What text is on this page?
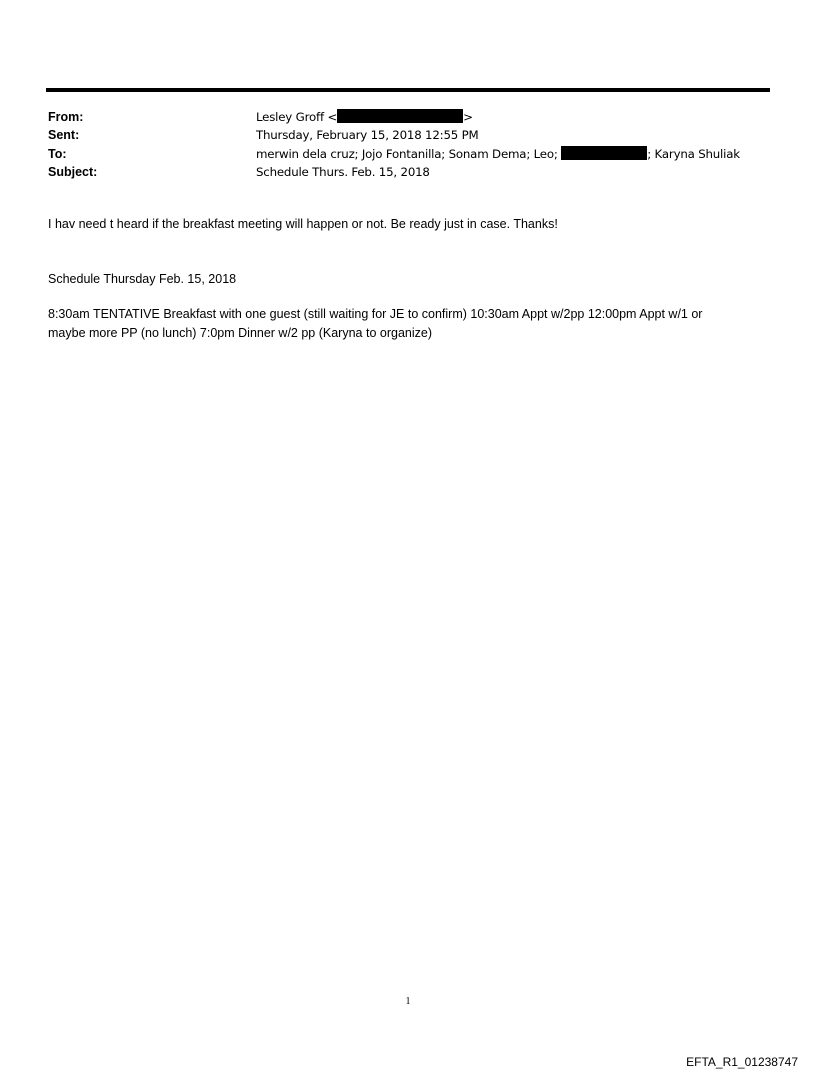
From:	Lesley Groff <	>
Sent:	Thursday, February 15, 2018 12:55 PM
To:	merwin dela cruz; Jojo Fontanilla; Sonam Dema; Leo;	; Karyna Shuliak
Subject:	Schedule Thurs. Feb. 15, 2018

I hav need t heard if the breakfast meeting will happen or not. Be ready just in case. Thanks!

Schedule Thursday Feb. 15, 2018

8:30am TENTATIVE Breakfast with one guest (still waiting for JE to confirm) 10:30am Appt w/2pp 12:00pm Appt w/1 or
maybe more PP (no lunch) 7:0pm Dinner w/2 pp (Karyna to organize)

1
EFTA_R1_01238747
